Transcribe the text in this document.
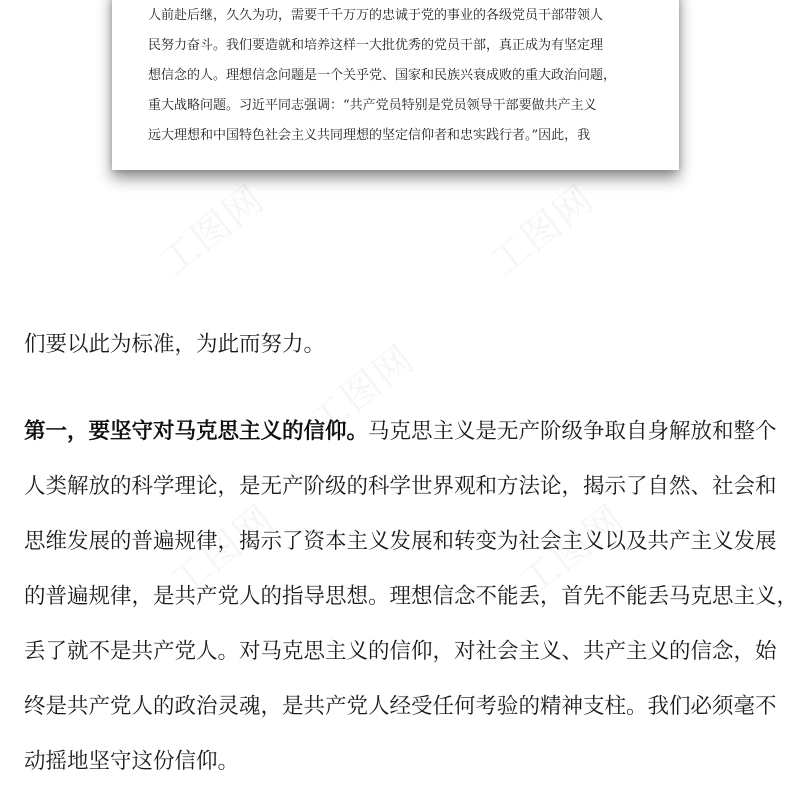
工图网	工图网
工图网
工图网	工图网
人前赴后继，久久为功，需要千千万万的忠诚于党的事业的各级党员干部带领人
民努力奋斗。我们要造就和培养这样一大批优秀的党员干部，真正成为有坚定理
想信念的人。理想信念问题是一个关乎党、国家和民族兴衰成败的重大政治问题，
重大战略问题。习近平同志强调：“共产党员特别是党员领导干部要做共产主义
远大理想和中国特色社会主义共同理想的坚定信仰者和忠实践行者。”因此，我
们要以此为标准，为此而努力。
第一，要坚守对马克思主义的信仰。马克思主义是无产阶级争取自身解放和整个
人类解放的科学理论，是无产阶级的科学世界观和方法论，揭示了自然、社会和
思维发展的普遍规律，揭示了资本主义发展和转变为社会主义以及共产主义发展
的普遍规律，是共产党人的指导思想。理想信念不能丢，首先不能丢马克思主义，
丢了就不是共产党人。对马克思主义的信仰，对社会主义、共产主义的信念，始
终是共产党人的政治灵魂，是共产党人经受任何考验的精神支柱。我们必须毫不
动摇地坚守这份信仰。
